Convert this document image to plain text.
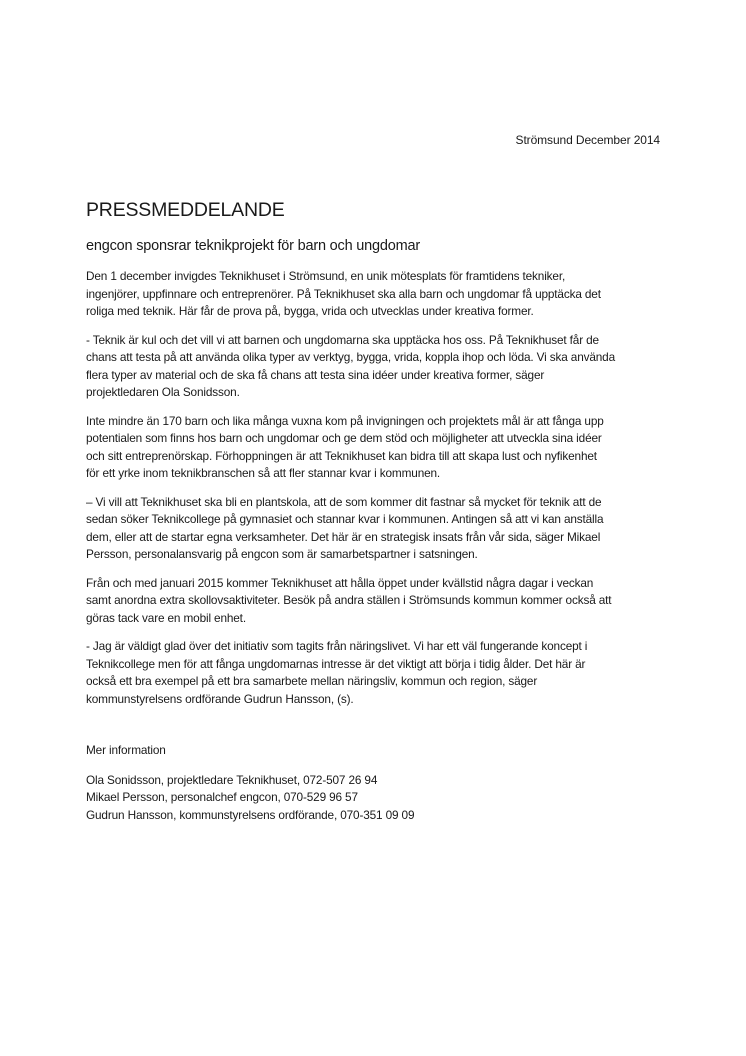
Strömsund December 2014
PRESSMEDDELANDE
engcon sponsrar teknikprojekt för barn och ungdomar

Den 1 december invigdes Teknikhuset i Strömsund, en unik mötesplats för framtidens tekniker,
ingenjörer, uppfinnare och entreprenörer. På Teknikhuset ska alla barn och ungdomar få upptäcka det
roliga med teknik. Här får de prova på, bygga, vrida och utvecklas under kreativa former.

- Teknik är kul och det vill vi att barnen och ungdomarna ska upptäcka hos oss. På Teknikhuset får de
chans att testa på att använda olika typer av verktyg, bygga, vrida, koppla ihop och löda. Vi ska använda
flera typer av material och de ska få chans att testa sina idéer under kreativa former, säger
projektledaren Ola Sonidsson.

Inte mindre än 170 barn och lika många vuxna kom på invigningen och projektets mål är att fånga upp
potentialen som finns hos barn och ungdomar och ge dem stöd och möjligheter att utveckla sina idéer
och sitt entreprenörskap. Förhoppningen är att Teknikhuset kan bidra till att skapa lust och nyfikenhet
för ett yrke inom teknikbranschen så att fler stannar kvar i kommunen.

– Vi vill att Teknikhuset ska bli en plantskola, att de som kommer dit fastnar så mycket för teknik att de
sedan söker Teknikcollege på gymnasiet och stannar kvar i kommunen. Antingen så att vi kan anställa
dem, eller att de startar egna verksamheter. Det här är en strategisk insats från vår sida, säger Mikael
Persson, personalansvarig på engcon som är samarbetspartner i satsningen.

Från och med januari 2015 kommer Teknikhuset att hålla öppet under kvällstid några dagar i veckan
samt anordna extra skollovsaktiviteter. Besök på andra ställen i Strömsunds kommun kommer också att
göras tack vare en mobil enhet.

- Jag är väldigt glad över det initiativ som tagits från näringslivet. Vi har ett väl fungerande koncept i
Teknikcollege men för att fånga ungdomarnas intresse är det viktigt att börja i tidig ålder. Det här är
också ett bra exempel på ett bra samarbete mellan näringsliv, kommun och region, säger
kommunstyrelsens ordförande Gudrun Hansson, (s).

Mer information
Ola Sonidsson, projektledare Teknikhuset, 072-507 26 94
Mikael Persson, personalchef engcon, 070-529 96 57
Gudrun Hansson, kommunstyrelsens ordförande, 070-351 09 09
